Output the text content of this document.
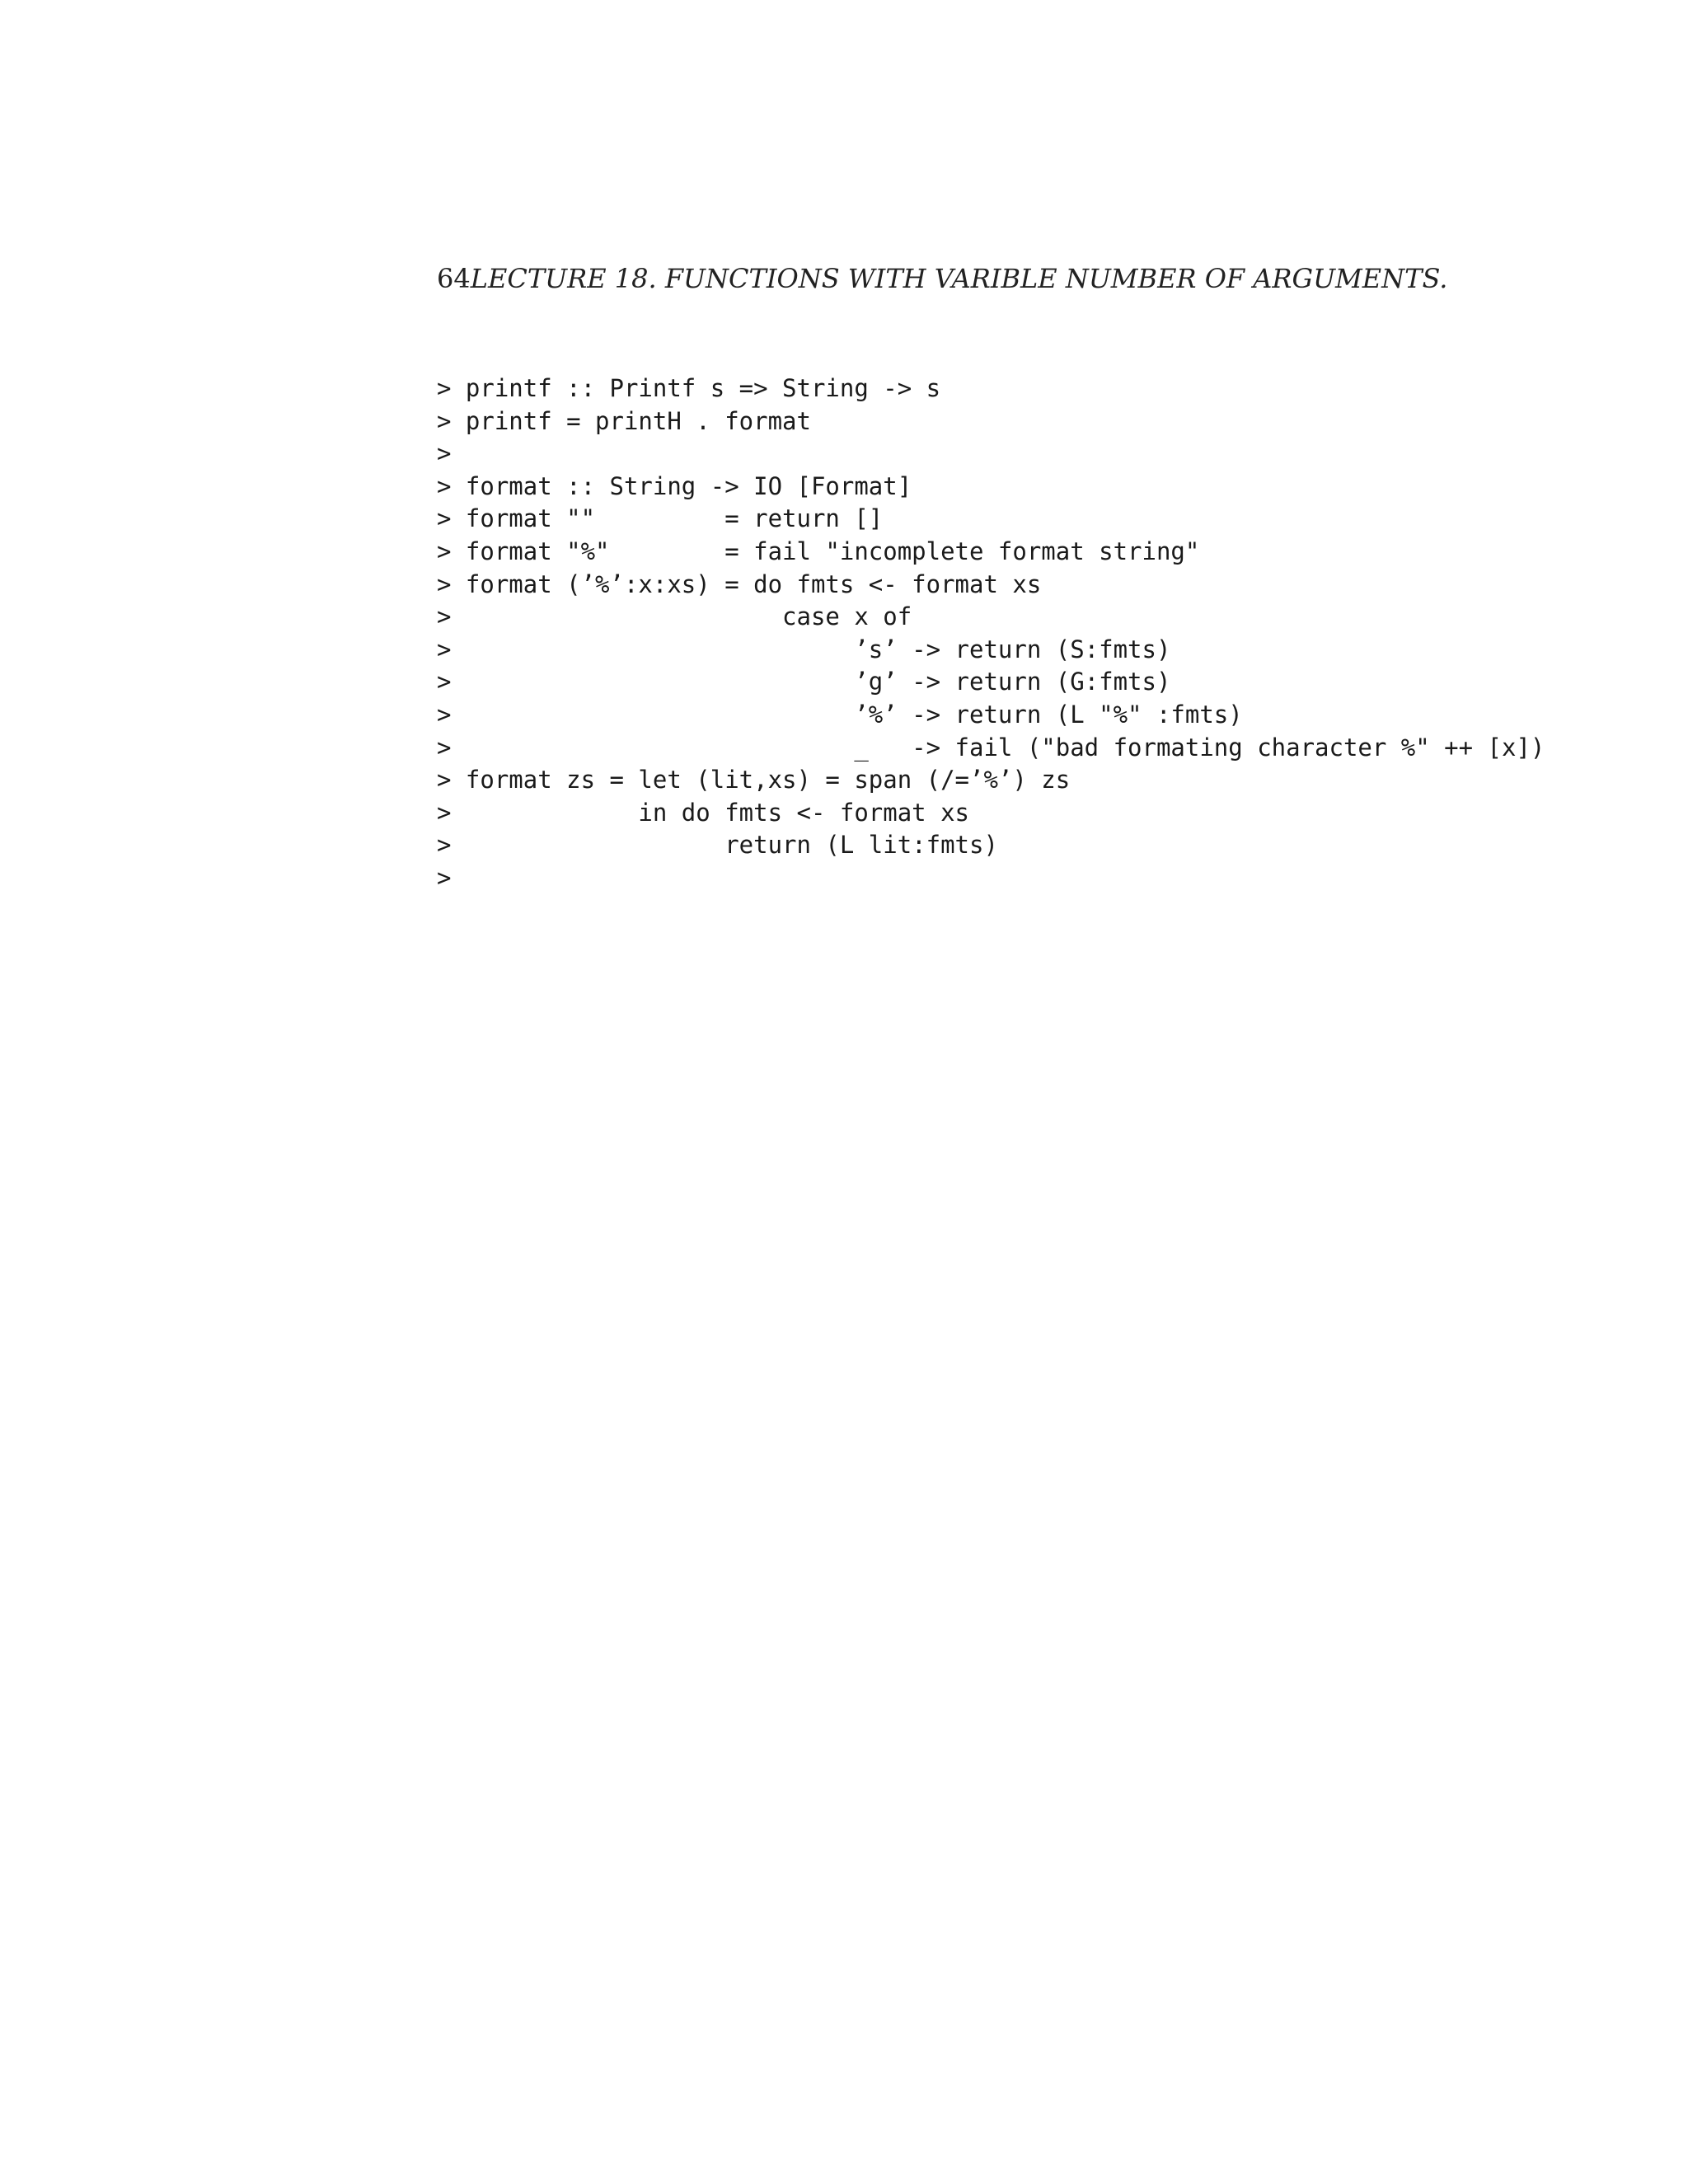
64LECTURE 18. FUNCTIONS WITH VARIBLE NUMBER OF ARGUMENTS.
> printf :: Printf s => String -> s
> printf = printH . format
>
> format :: String -> IO [Format]
> format ""         = return []
> format "%"        = fail "incomplete format string"
> format (’%’:x:xs) = do fmts <- format xs
>                       case x of
>                            ’s’ -> return (S:fmts)
>                            ’g’ -> return (G:fmts)
>                            ’%’ -> return (L "%" :fmts)
>                            _   -> fail ("bad formating character %" ++ [x])
> format zs = let (lit,xs) = span (/=’%’) zs
>             in do fmts <- format xs
>                   return (L lit:fmts)
>
